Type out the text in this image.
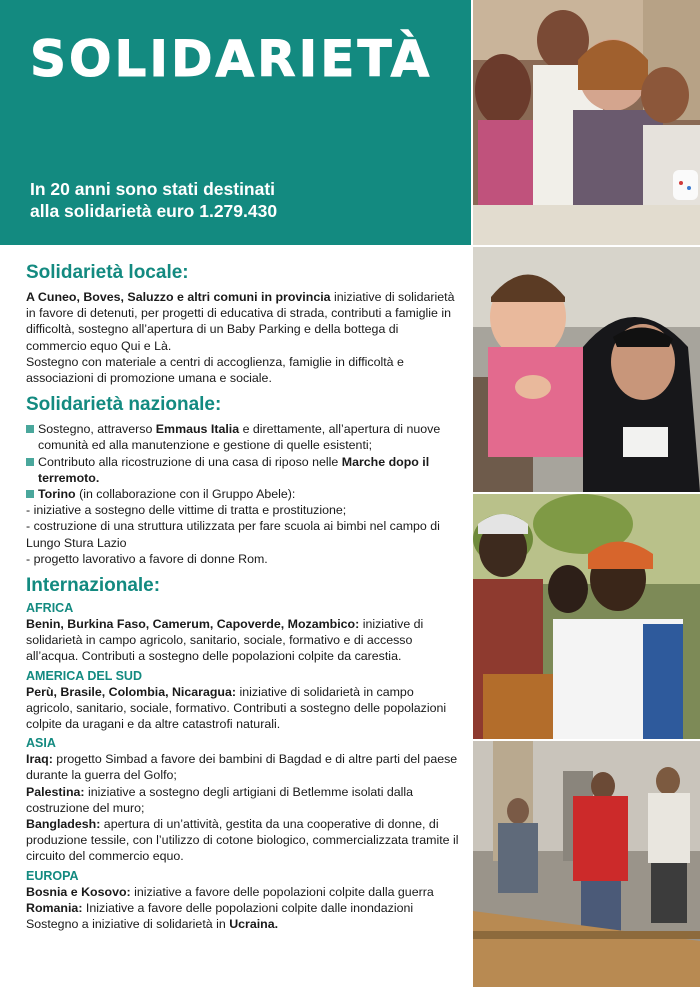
SOLIDARIETÀ
In 20 anni sono stati destinati
alla solidarietà euro 1.279.430
Solidarietà locale:

A Cuneo, Boves, Saluzzo e altri comuni in provincia iniziative di solidarietà in favore di detenuti, per progetti di educativa di strada, contributi a famiglie in difficoltà, sostegno all’apertura di un Baby Parking e della bottega di commercio equo Qui e Là.

Sostegno con materiale a centri di accoglienza, famiglie in difficoltà e associazioni di promozione umana e sociale.

Solidarietà nazionale:

Sostegno, attraverso Emmaus Italia e direttamente, all’apertura di nuove comunità ed alla manutenzione e gestione di quelle esistenti;

Contributo alla ricostruzione di una casa di riposo nelle Marche dopo il terremoto.

Torino (in collaborazione con il Gruppo Abele):

- iniziative a sostegno delle vittime di tratta e prostituzione;

- costruzione di una struttura utilizzata per fare scuola ai bimbi nel campo di Lungo Stura Lazio

- progetto lavorativo a favore di donne Rom.

Internazionale:
AFRICA

Benin, Burkina Faso, Camerum, Capoverde, Mozambico: iniziative di solidarietà in campo agricolo, sanitario, sociale, formativo e di accesso all’acqua. Contributi a sostegno delle popolazioni colpite da carestia.

AMERICA DEL SUD

Perù, Brasile, Colombia, Nicaragua: iniziative di solidarietà in campo agricolo, sanitario, sociale, formativo. Contributi a sostegno delle popolazioni colpite da uragani e da altre catastrofi naturali.

ASIA

Iraq: progetto Simbad a favore dei bambini di Bagdad e di altre parti del paese durante la guerra del Golfo;

Palestina: iniziative a sostegno degli artigiani di Betlemme isolati dalla costruzione del muro;

Bangladesh: apertura di un’attività, gestita da una cooperative di donne, di produzione tessile, con l’utilizzo di cotone biologico, commercializzata tramite il circuito del commercio equo.

EUROPA

Bosnia e Kosovo: iniziative a favore delle popolazioni colpite dalla guerra

Romania: Iniziative a favore delle popolazioni colpite dalle inondazioni

Sostegno a iniziative di solidarietà in Ucraina.
